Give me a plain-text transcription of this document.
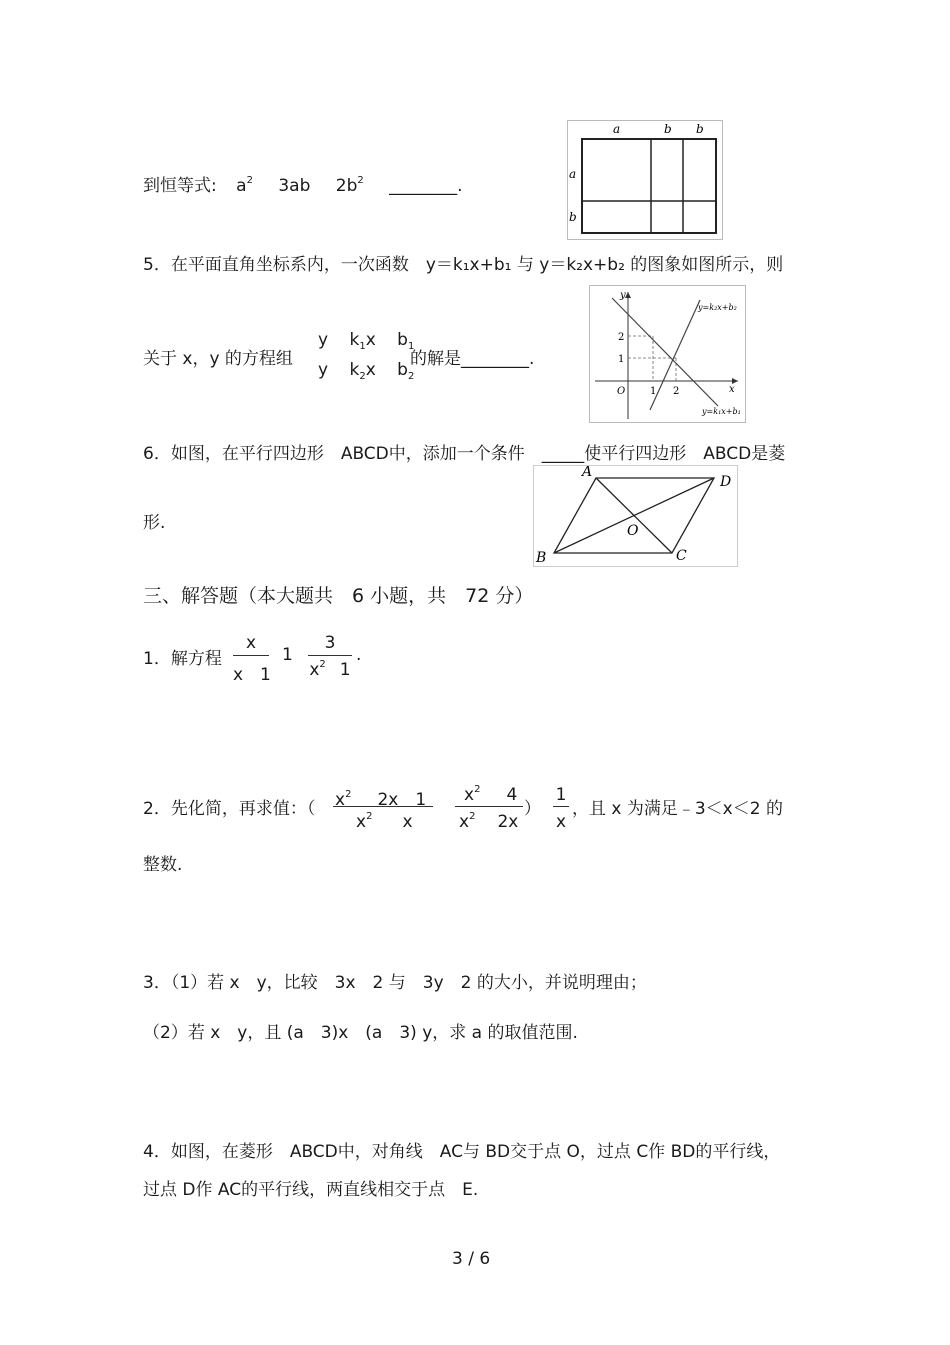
到恒等式: $a^2$ 3ab $2b^2$ ________.
a	b b
a
b
5．在平面直角坐标系内，一次函数　y＝k₁x+b₁ 与 y＝k₂x+b₂ 的图象如图所示，则
关于 x，y 的方程组
y $k_1x$ $b_1$
y $k_2x$ $b_2$
的解是________.
y
x
O
2
1
1 2
y=k₂x+b₂
y=k₁x+b₁
6．如图，在平行四边形　ABCD中，添加一个条件　_____使平行四边形　ABCD是菱
形.
A
D
B	C
O
三、解答题（本大题共　6 小题，共　72 分）
1．解方程
x
x　1
1
3
$x^2$ 1
.
2．先化简，再求值：（ $x^2$ 2x　1
$x^2$ x
$x^2$ 4
$x^2$ 2x
）
1
x
，且 x 为满足﹣3＜x＜2 的
整数.
3．（1）若 x　y，比较　3x　2 与　3y　2 的大小，并说明理由；
（2）若 x　y，且 (a　3)x　(a　3) y，求 a 的取值范围.
4．如图，在菱形　ABCD中，对角线　AC与 BD交于点 O，过点 C作 BD的平行线，
过点 D作 AC的平行线，两直线相交于点　E.
3 / 6
